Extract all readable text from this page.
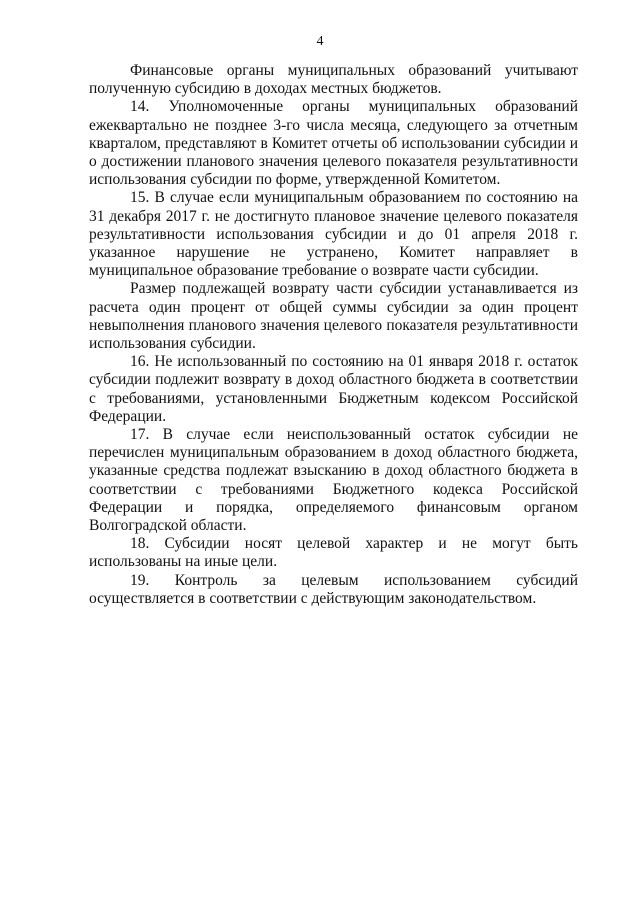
4

Финансовые органы муниципальных образований учитывают полученную субсидию в доходах местных бюджетов.

14. Уполномоченные органы муниципальных образований ежеквартально не позднее 3-го числа месяца, следующего за отчетным кварталом, представляют в Комитет отчеты об использовании субсидии и о достижении планового значения целевого показателя результативности использования субсидии по форме, утвержденной Комитетом.

15. В случае если муниципальным образованием по состоянию на 31 декабря 2017 г. не достигнуто плановое значение целевого показателя результативности использования субсидии и до 01 апреля 2018 г. указанное нарушение не устранено, Комитет направляет в муниципальное образование требование о возврате части субсидии.

Размер подлежащей возврату части субсидии устанавливается из расчета один процент от общей суммы субсидии за один процент невыполнения планового значения целевого показателя результативности использования субсидии.

16. Не использованный по состоянию на 01 января 2018 г. остаток субсидии подлежит возврату в доход областного бюджета в соответствии с требованиями, установленными Бюджетным кодексом Российской Федерации.

17. В случае если неиспользованный остаток субсидии не перечислен муниципальным образованием в доход областного бюджета, указанные средства подлежат взысканию в доход областного бюджета в соответствии с требованиями Бюджетного кодекса Российской Федерации и порядка, определяемого финансовым органом Волгоградской области.

18. Субсидии носят целевой характер и не могут быть использованы на иные цели.

19. Контроль за целевым использованием субсидий осуществляется в соответствии с действующим законодательством.
